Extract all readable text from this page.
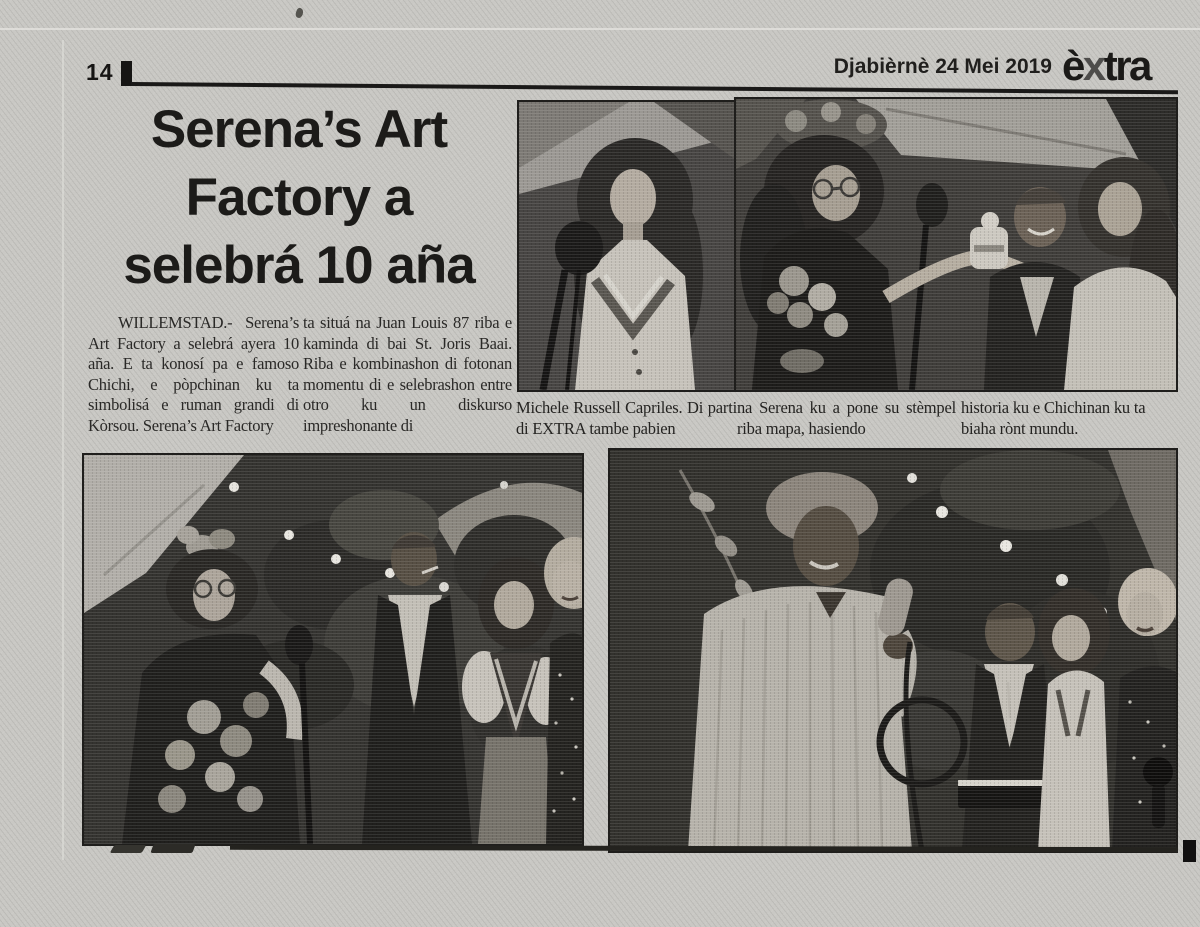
14	Djabièrnè 24 Mei 2019 èxtra
Serena’s Art
Factory a
selebrá 10 aña
WILLEMSTAD.- Serena’s Art Factory a selebrá ayera 10 aña. E ta konosí pa e famoso Chichi, e pòpchinan ku ta simbolisá e ruman grandi di Kòrsou. Serena’s Art Factory
ta situá na Juan Louis 87 riba e kaminda di bai St. Joris Baai. Riba e kombinashon di fotonan momentu di e selebrashon entre otro ku un diskurso impreshonante di
Michele Russell Capriles. Di parti di EXTRA tambe pabien
na Serena ku a pone su stèmpel riba mapa, hasiendo
historia ku e Chichinan ku ta biaha rònt mundu.
